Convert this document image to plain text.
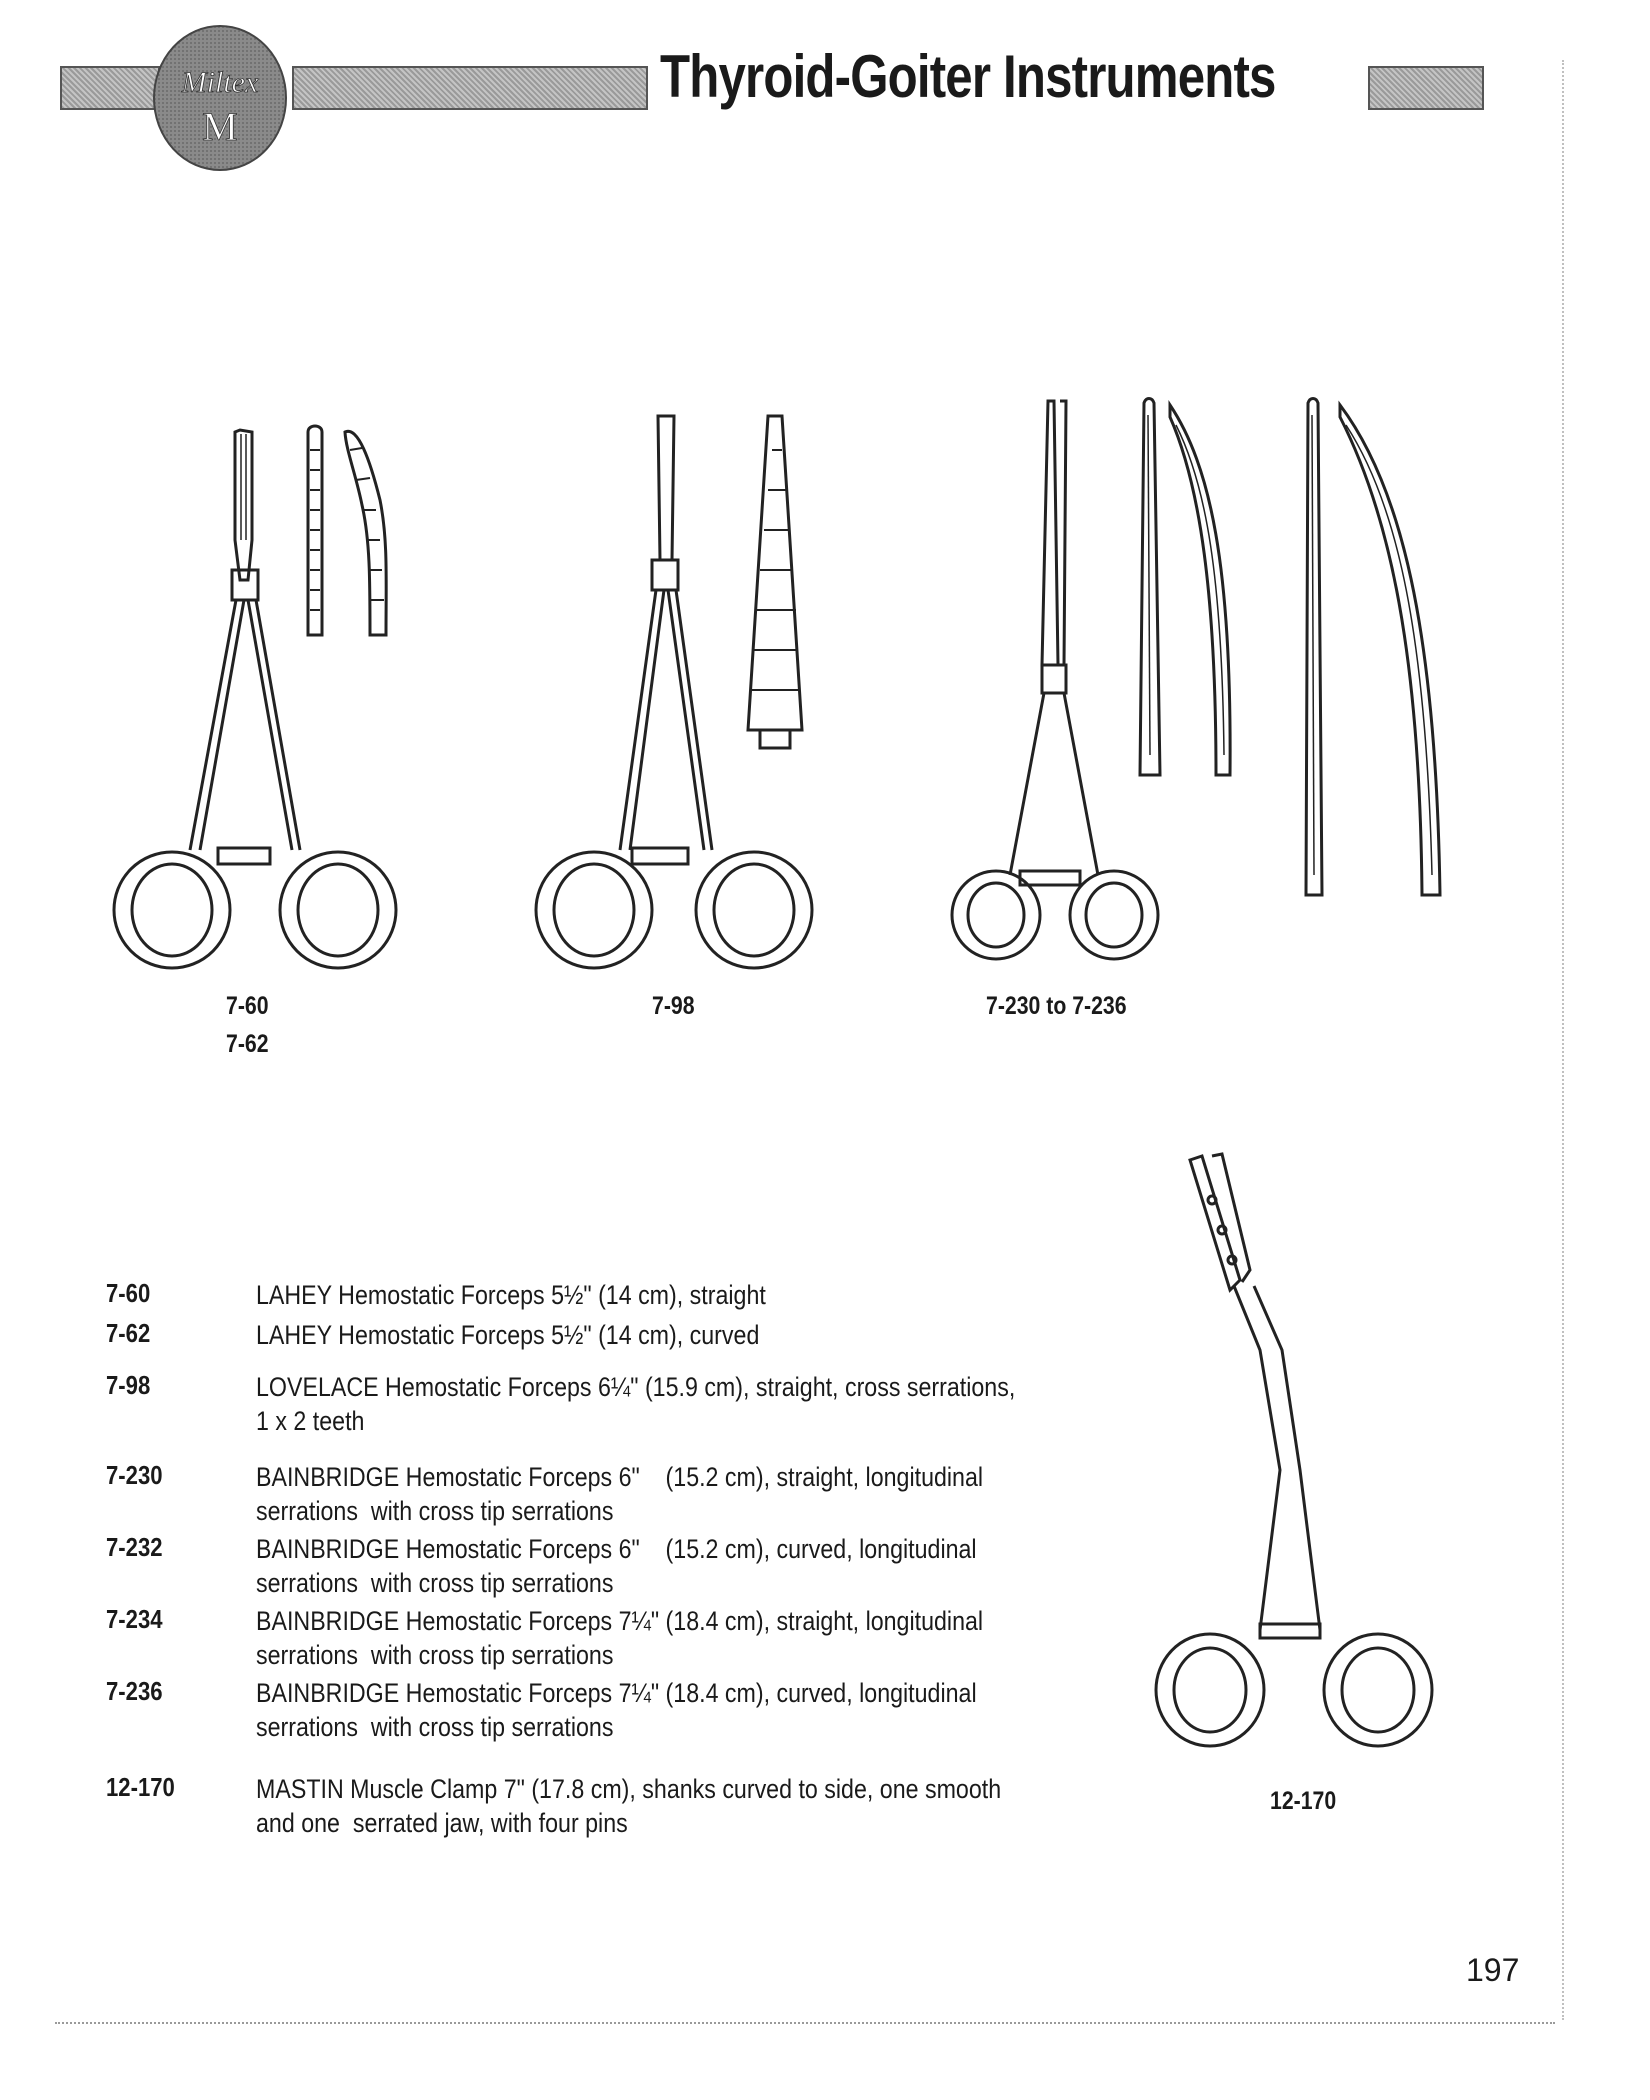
Miltex
M
Thyroid-Goiter Instruments
7-60
7-62
7-98	7-230 to 7-236
12-170
7-60	LAHEY Hemostatic Forceps 5½" (14 cm), straight
7-62	LAHEY Hemostatic Forceps 5½" (14 cm), curved
7-98	LOVELACE Hemostatic Forceps 6¼" (15.9 cm), straight, cross serrations,
1 x 2 teeth
7-230	BAINBRIDGE Hemostatic Forceps 6"    (15.2 cm), straight, longitudinal
serrations  with cross tip serrations
7-232	BAINBRIDGE Hemostatic Forceps 6"    (15.2 cm), curved, longitudinal
serrations  with cross tip serrations
7-234	BAINBRIDGE Hemostatic Forceps 7¼" (18.4 cm), straight, longitudinal
serrations  with cross tip serrations
7-236	BAINBRIDGE Hemostatic Forceps 7¼" (18.4 cm), curved, longitudinal
serrations  with cross tip serrations
12-170	MASTIN Muscle Clamp 7" (17.8 cm), shanks curved to side, one smooth
and one  serrated jaw, with four pins
197
